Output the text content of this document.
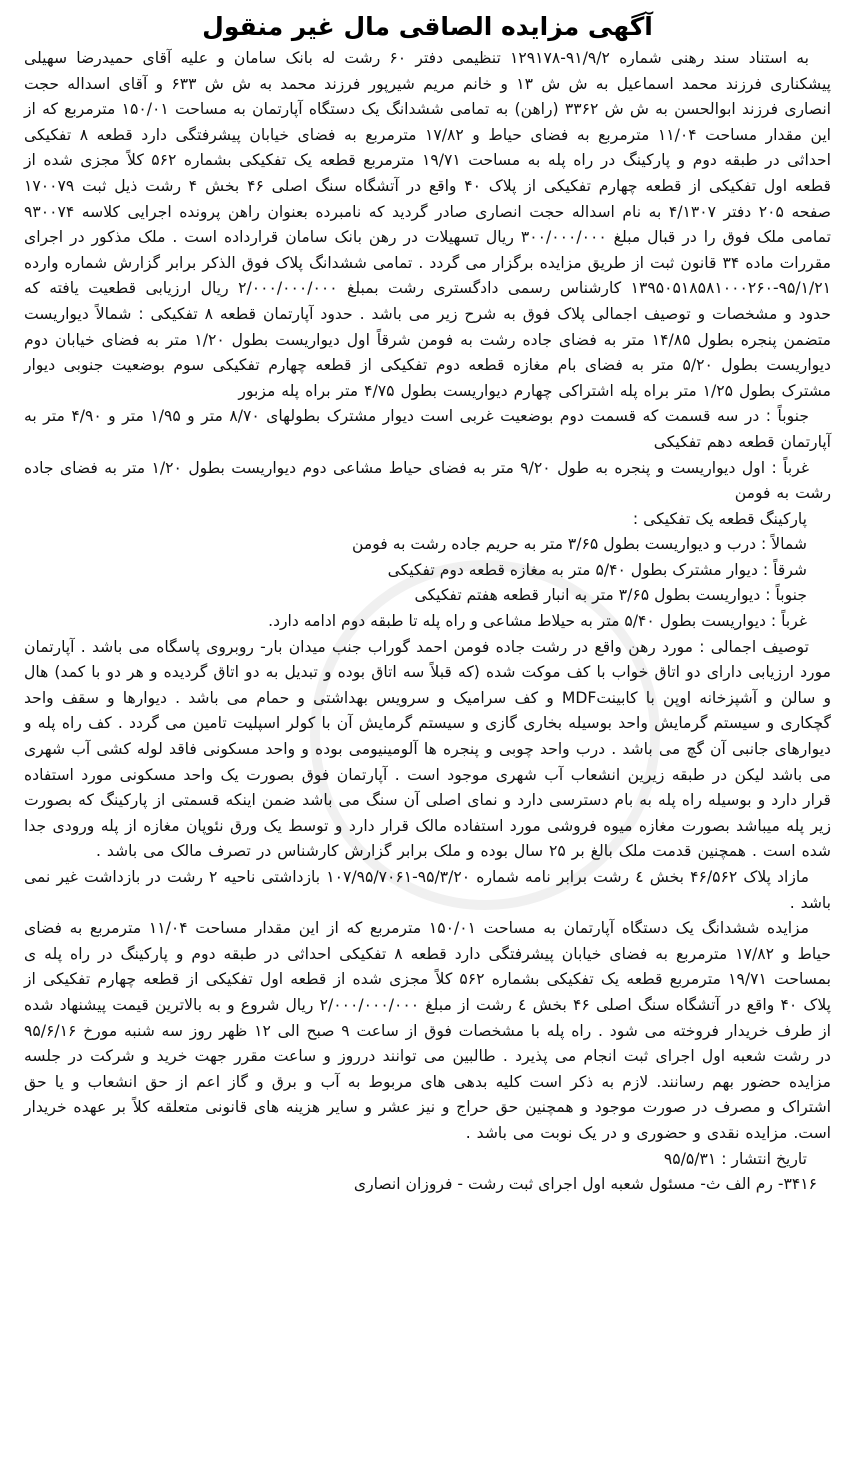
آگهی مزایده الصاقی مال غیر منقول

به استناد سند رهنی شماره ۹۱/۹/۲-۱۲۹۱۷۸ تنظیمی دفتر ۶۰ رشت له بانک سامان و علیه آقای حمیدرضا سهیلی پیشکناری فرزند محمد اسماعیل به ش ش ۱۳ و خانم مریم شیرپور فرزند محمد به ش ش ۶۳۳ و آقای اسداله حجت انصاری فرزند ابوالحسن به ش ش ۳۳۶۲ (راهن) به تمامی ششدانگ یک دستگاه آپارتمان به مساحت ۱۵۰/۰۱ مترمربع که از این مقدار مساحت ۱۱/۰۴ مترمربع به فضای حیاط و ۱۷/۸۲ مترمربع به فضای خیابان پیشرفتگی دارد قطعه ۸ تفکیکی احداثی در طبقه دوم و پارکینگ در راه پله به مساحت ۱۹/۷۱ مترمربع قطعه یک تفکیکی بشماره ۵۶۲ کلاً مجزی شده از قطعه اول تفکیکی از قطعه چهارم تفکیکی از پلاک ۴۰ واقع در آتشگاه سنگ اصلی ۴۶ بخش ۴ رشت ذیل ثبت ۱۷۰۰۷۹ صفحه ۲۰۵ دفتر ۴/۱۳۰۷ به نام اسداله حجت انصاری صادر گردید که نامبرده بعنوان راهن پرونده اجرایی کلاسه ۹۳۰۰۷۴ تمامی ملک فوق را در قبال مبلغ ۳۰۰/۰۰۰/۰۰۰ ریال تسهیلات در رهن بانک سامان قرارداده است . ملک مذکور در اجرای مقررات ماده ۳۴ قانون ثبت از طریق مزایده برگزار می گردد . تمامی ششدانگ پلاک فوق الذکر برابر گزارش شماره وارده ۹۵/۱/۲۱-۱۳۹۵۰۵۱۸۵۸۱۰۰۰۲۶۰ کارشناس رسمی دادگستری رشت بمبلغ ۲/۰۰۰/۰۰۰/۰۰۰ ریال ارزیابی قطعیت یافته که حدود و مشخصات و توصیف اجمالی پلاک فوق به شرح زیر می باشد . حدود آپارتمان قطعه ۸ تفکیکی : شمالاً دیواریست متضمن پنجره بطول ۱۴/۸۵ متر به فضای جاده رشت به فومن شرقاً اول دیواریست بطول ۱/۲۰ متر به فضای خیابان دوم دیواریست بطول ۵/۲۰ متر به فضای بام مغازه قطعه دوم تفکیکی از قطعه چهارم تفکیکی سوم بوضعیت جنوبی دیوار مشترک بطول ۱/۲۵ متر براه پله اشتراکی چهارم دیواریست بطول ۴/۷۵ متر براه پله مزبور

جنوباً : در سه قسمت که قسمت دوم بوضعیت غربی است دیوار مشترک بطولهای ۸/۷۰ متر و ۱/۹۵ متر و ۴/۹۰ متر به آپارتمان قطعه دهم تفکیکی

غرباً : اول دیواریست و پنجره به طول ۹/۲۰ متر به فضای حیاط مشاعی دوم دیواریست بطول ۱/۲۰ متر به فضای جاده رشت به فومن

پارکینگ قطعه یک تفکیکی :

شمالاً : درب و دیواریست بطول ۳/۶۵ متر به حریم جاده رشت به فومن

شرقاً : دیوار مشترک بطول ۵/۴۰ متر به مغازه قطعه دوم تفکیکی

جنوباً : دیواریست بطول ۳/۶۵ متر به انبار قطعه هفتم تفکیکی

غرباً : دیواریست بطول ۵/۴۰ متر به حیلاط مشاعی و راه پله تا طبقه دوم ادامه دارد.

توصیف اجمالی : مورد رهن واقع در رشت جاده فومن احمد گوراب جنب میدان بار- روبروی پاسگاه می باشد . آپارتمان مورد ارزیابی دارای دو اتاق خواب با کف موکت شده (که قبلاً سه اتاق بوده و تبدیل به دو اتاق گردیده و هر دو با کمد) هال و سالن و آشپزخانه اوپن با کابینتMDF و کف سرامیک و سرویس بهداشتی و حمام می باشد . دیوارها و سقف واحد گچکاری و سیستم گرمایش واحد بوسیله بخاری گازی و سیستم گرمایش آن با کولر اسپلیت تامین می گردد . کف راه پله و دیوارهای جانبی آن گچ می باشد . درب واحد چوبی و پنجره ها آلومینیومی بوده و واحد مسکونی فاقد لوله کشی آب شهری می باشد لیکن در طبقه زیرین انشعاب آب شهری موجود است . آپارتمان فوق بصورت یک واحد مسکونی مورد استفاده قرار دارد و بوسیله راه پله به بام دسترسی دارد و نمای اصلی آن سنگ می باشد ضمن اینکه قسمتی از پارکینگ که بصورت زیر پله میباشد بصورت مغازه میوه فروشی مورد استفاده مالک قرار دارد و توسط یک ورق نئوپان مغازه از پله ورودی جدا شده است . همچنین قدمت ملک بالغ بر ۲۵ سال بوده و ملک برابر گزارش کارشناس در تصرف مالک می باشد .

مازاد پلاک ۴۶/۵۶۲ بخش ٤ رشت برابر نامه شماره ۹۵/۳/۲۰-۱۰۷/۹۵/۷۰۶۱ بازداشتی ناحیه ۲ رشت در بازداشت غیر نمی باشد .

مزایده ششدانگ یک دستگاه آپارتمان به مساحت ۱۵۰/۰۱ مترمربع که از این مقدار مساحت ۱۱/۰۴ مترمربع به فضای حیاط و ۱۷/۸۲ مترمربع به فضای خیابان پیشرفتگی دارد قطعه ۸ تفکیکی احداثی در طبقه دوم و پارکینگ در راه پله ی بمساحت ۱۹/۷۱ مترمربع قطعه یک تفکیکی بشماره ۵۶۲ کلاً مجزی شده از قطعه اول تفکیکی از قطعه چهارم تفکیکی از پلاک ۴۰ واقع در آتشگاه سنگ اصلی ۴۶ بخش ٤ رشت از مبلغ ۲/۰۰۰/۰۰۰/۰۰۰ ریال شروع و به بالاترین قیمت پیشنهاد شده از طرف خریدار فروخته می شود . راه پله با مشخصات فوق از ساعت ۹ صبح الی ۱۲ ظهر روز سه شنبه مورخ ۹۵/۶/۱۶ در رشت شعبه اول اجرای ثبت انجام می پذیرد . طالبین می توانند درروز و ساعت مقرر جهت خرید و شرکت در جلسه مزایده حضور بهم رسانند. لازم به ذکر است کلیه بدهی های مربوط به آب و برق و گاز اعم از حق انشعاب و یا حق اشتراک و مصرف در صورت موجود و همچنین حق حراج و نیز عشر و سایر هزینه های قانونی متعلقه کلاً بر عهده خریدار است. مزایده نقدی و حضوری و در یک نوبت می باشد .

تاریخ انتشار : ۹۵/۵/۳۱

۳۴۱۶- رم الف ث- مسئول شعبه اول اجرای ثبت رشت - فروزان انصاری
